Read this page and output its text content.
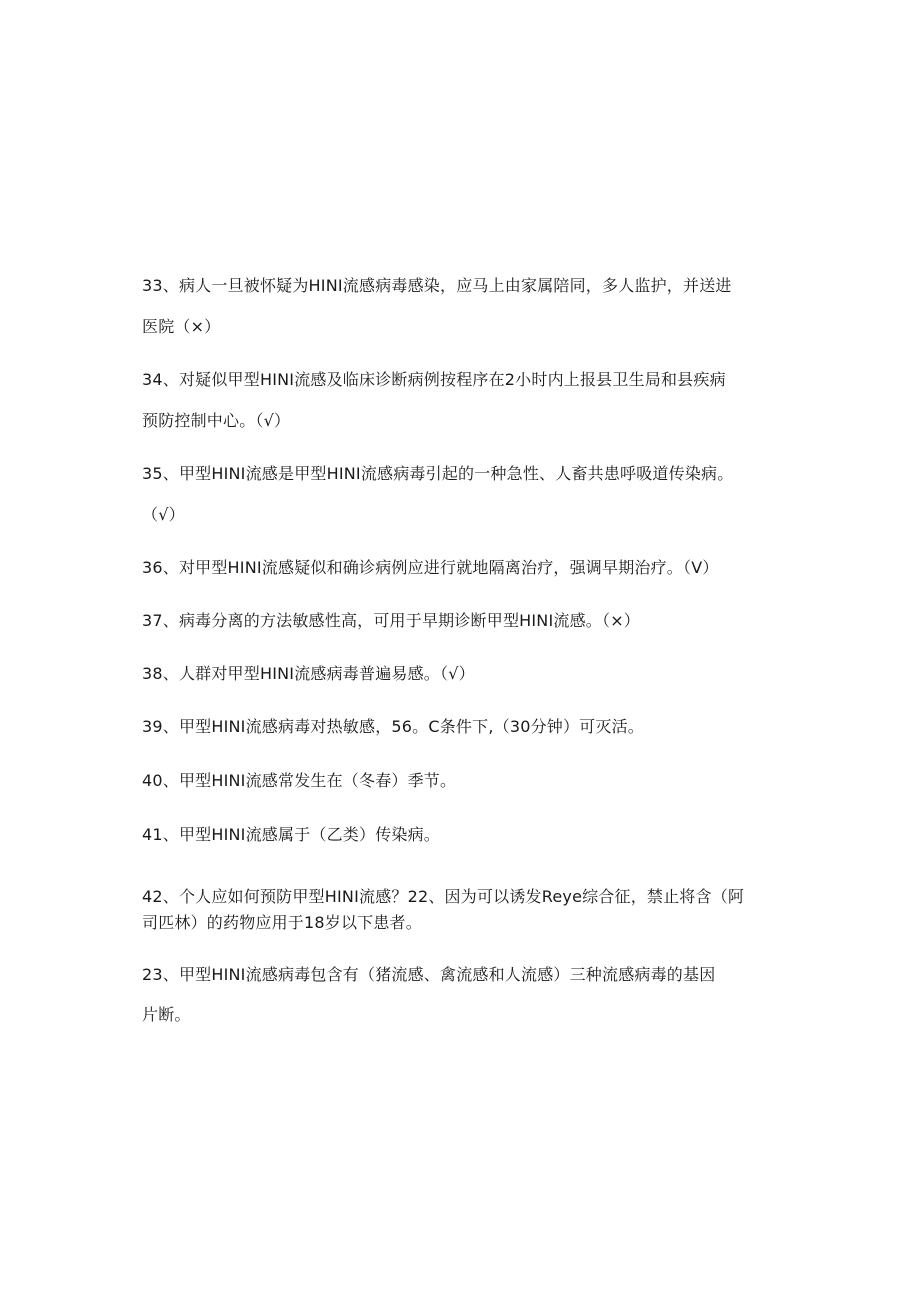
33、病人一旦被怀疑为HINI流感病毒感染，应马上由家属陪同，多人监护，并送进
医院（×）
34、对疑似甲型HINI流感及临床诊断病例按程序在2小时内上报县卫生局和县疾病
预防控制中心。（√）
35、甲型HINI流感是甲型HINI流感病毒引起的一种急性、人畜共患呼吸道传染病。
（√）
36、对甲型HINI流感疑似和确诊病例应进行就地隔离治疗，强调早期治疗。（V）
37、病毒分离的方法敏感性高，可用于早期诊断甲型HINI流感。（×）
38、人群对甲型HINI流感病毒普遍易感。（√）
39、甲型HINI流感病毒对热敏感，56。C条件下,（30分钟）可灭活。
40、甲型HINI流感常发生在（冬春）季节。
41、甲型HINI流感属于（乙类）传染病。
42、个人应如何预防甲型HINI流感？22、因为可以诱发Reye综合征，禁止将含（阿
司匹林）的药物应用于18岁以下患者。
23、甲型HINI流感病毒包含有（猪流感、禽流感和人流感）三种流感病毒的基因
片断。
